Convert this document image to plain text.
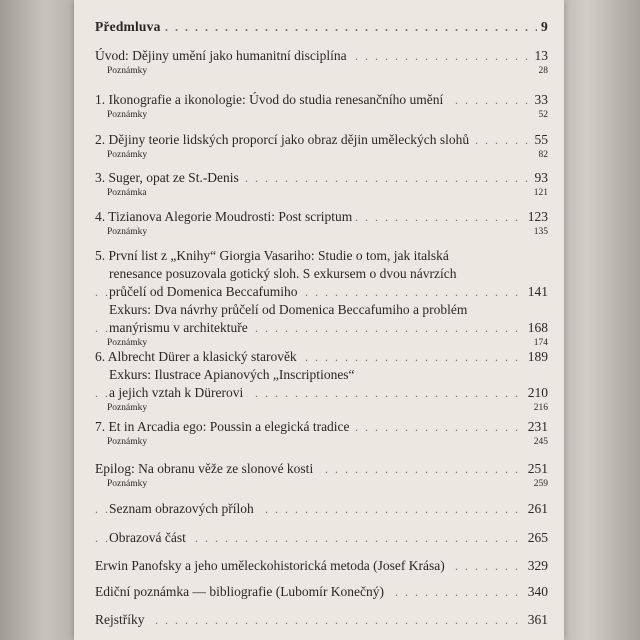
. . . Předmluva	9
. . . Úvod: Dějiny umění jako humanitní disciplína	13
Poznámky	28
. . . 1. Ikonografie a ikonologie: Úvod do studia renesančního umění	33
Poznámky	52
. . . 2. Dějiny teorie lidských proporcí jako obraz dějin uměleckých slohů	55
Poznámky	82
. . . 3. Suger, opat ze St.-Denis	93
Poznámka	121
. . . 4. Tizianova Alegorie Moudrosti: Post scriptum	123
Poznámky	135
5. První list z „Knihy“ Giorgia Vasariho: Studie o tom, jak italská
renesance posuzovala gotický sloh. S exkursem o dvou návrzích
. . . průčelí od Domenica Beccafumiho	141
Exkurs: Dva návrhy průčelí od Domenica Beccafumiho a problém
. . . manýrismu v architektuře	168
Poznámky	174
. . . 6. Albrecht Dürer a klasický starověk	189
Exkurs: Ilustrace Apianových „Inscriptiones“
. . . a jejich vztah k Dürerovi	210
Poznámky	216
. . . 7. Et in Arcadia ego: Poussin a elegická tradice	231
Poznámky	245
. . . Epilog: Na obranu věže ze slonové kosti	251
Poznámky	259
. . . Seznam obrazových příloh	261
. . . Obrazová část	265
. . . Erwin Panofsky a jeho uměleckohistorická metoda (Josef Krása)	329
. . . Ediční poznámka — bibliografie (Lubomír Konečný)	340
. . . Rejstříky	361
